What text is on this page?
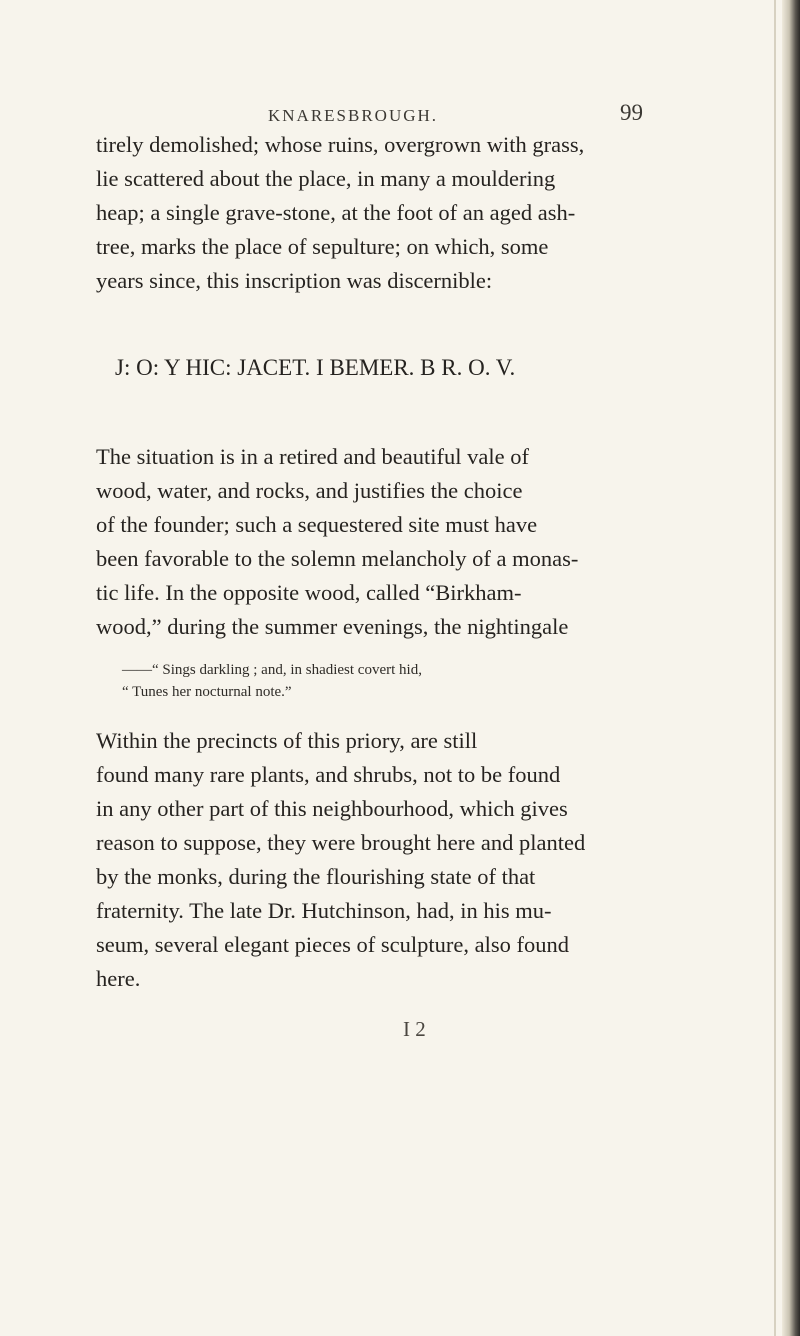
KNARESBROUGH.	99
tirely demolished; whose ruins, overgrown with grass,
lie scattered about the place, in many a mouldering
heap; a single grave-stone, at the foot of an aged ash-
tree, marks the place of sepulture; on which, some
years since, this inscription was discernible:
J: O: Y HIC: JACET. I BEMER. B R. O. V.
The situation is in a retired and beautiful vale of
wood, water, and rocks, and justifies the choice
of the founder; such a sequestered site must have
been favorable to the solemn melancholy of a monas-
tic life. In the opposite wood, called “Birkham-
wood,” during the summer evenings, the nightingale
——“ Sings darkling ; and, in shadiest covert hid,
“ Tunes her nocturnal note.”
Within the precincts of this priory, are still
found many rare plants, and shrubs, not to be found
in any other part of this neighbourhood, which gives
reason to suppose, they were brought here and planted
by the monks, during the flourishing state of that
fraternity. The late Dr. Hutchinson, had, in his mu-
seum, several elegant pieces of sculpture, also found
here.
I 2
